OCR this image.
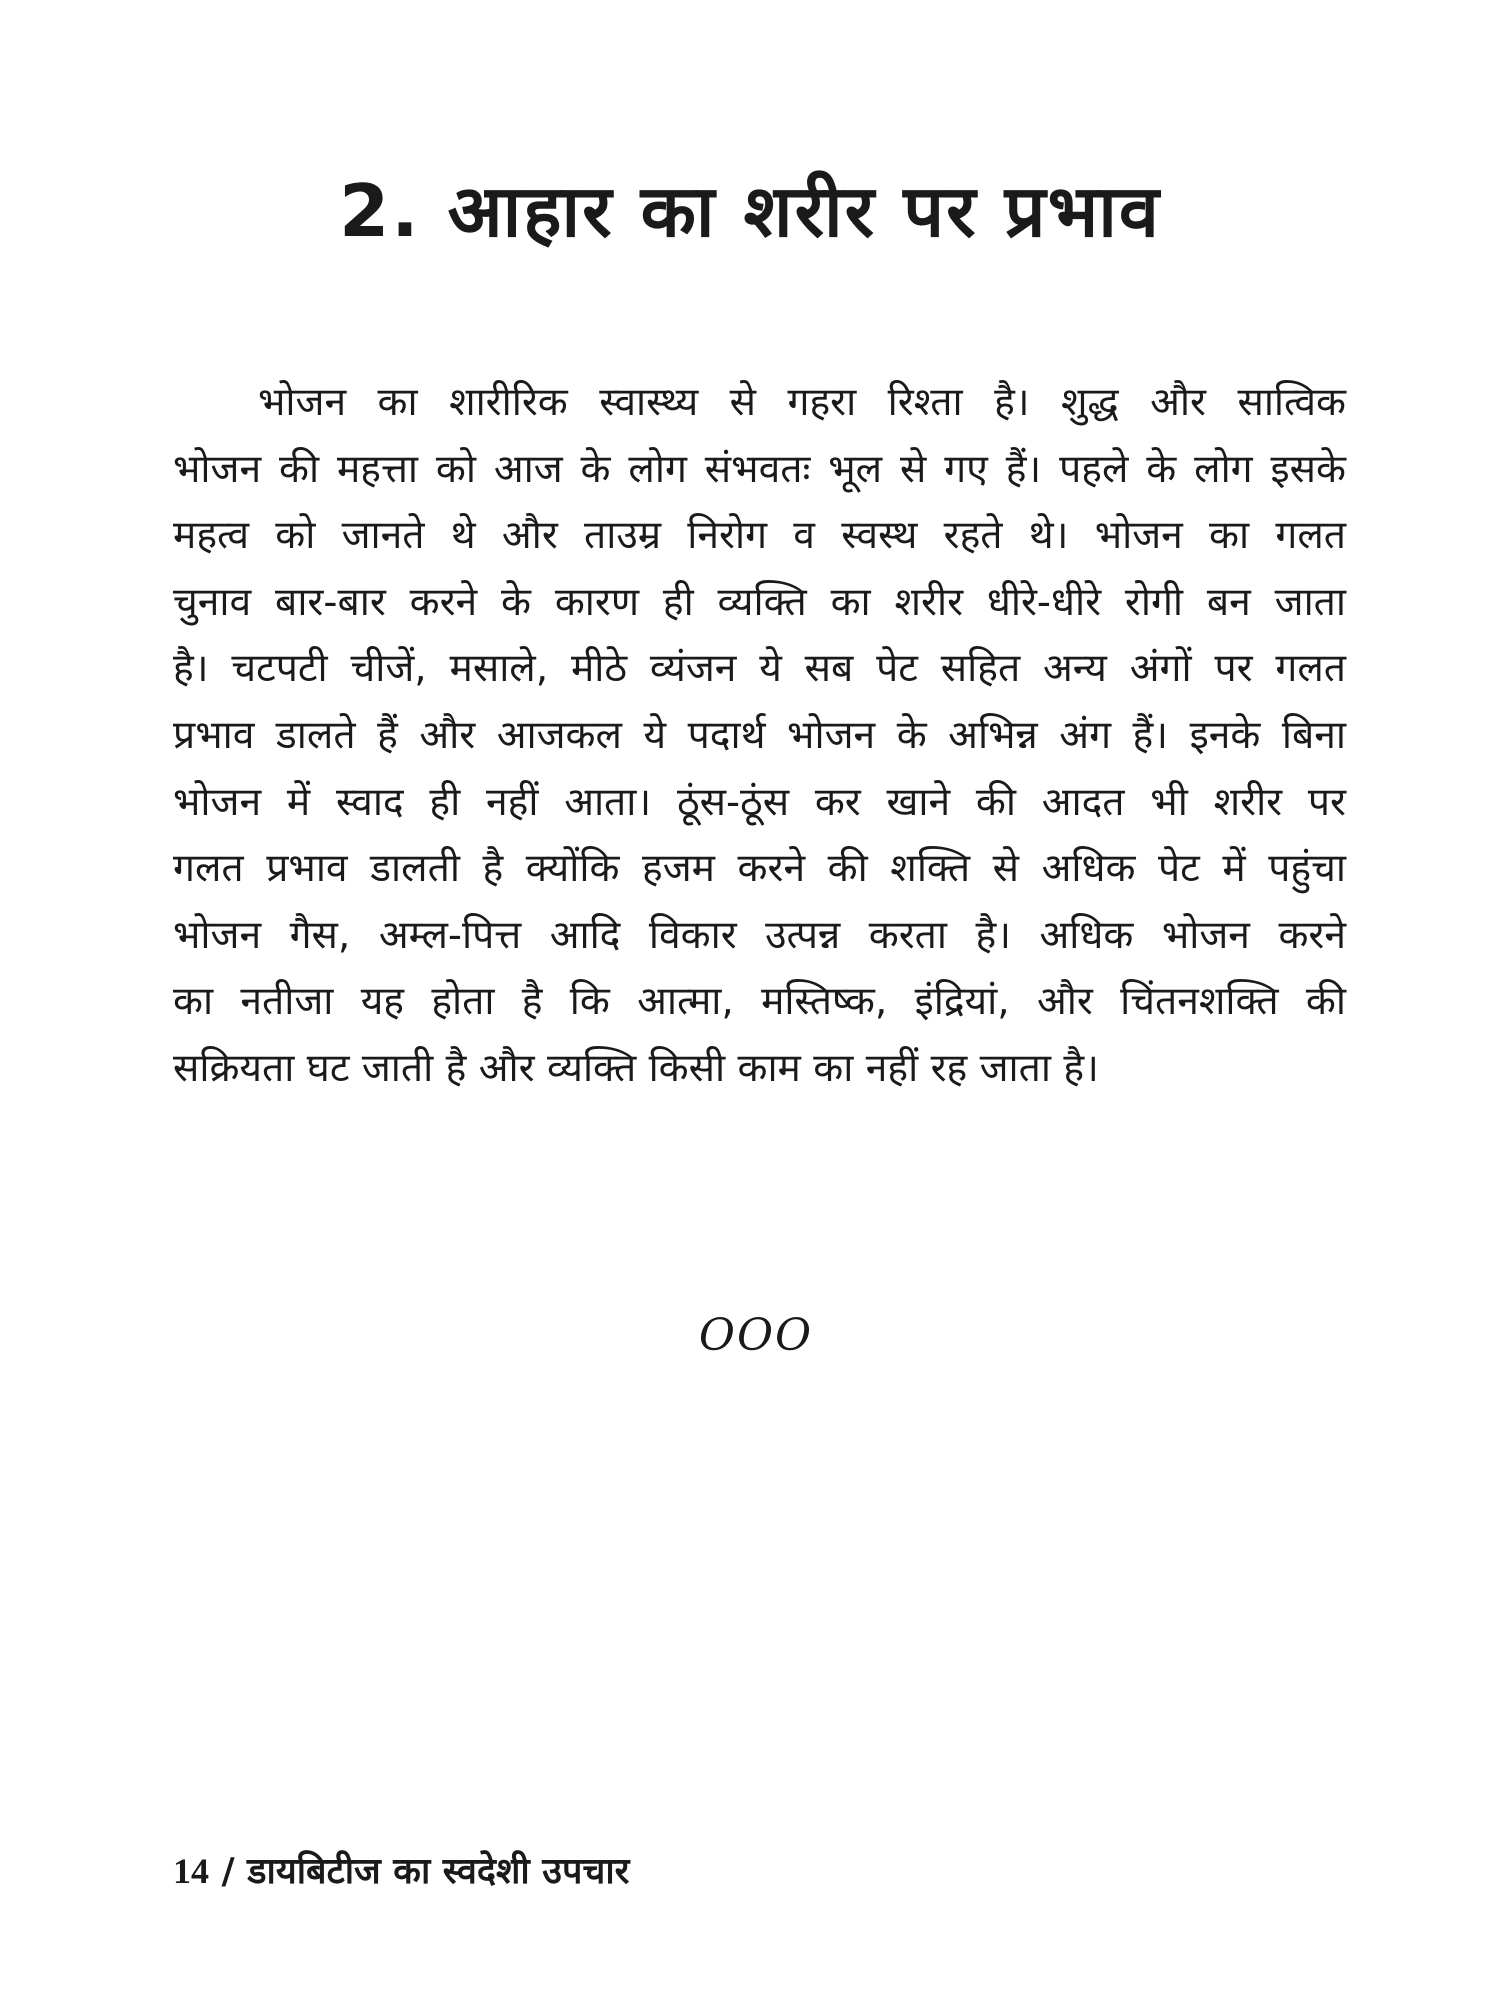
2. आहार का शरीर पर प्रभाव
भोजन का शारीरिक स्वास्थ्य से गहरा रिश्ता है। शुद्ध और सात्विक
भोजन की महत्ता को आज के लोग संभवतः भूल से गए हैं। पहले के लोग इसके
महत्व को जानते थे और ताउम्र निरोग व स्वस्थ रहते थे। भोजन का गलत
चुनाव बार-बार करने के कारण ही व्यक्ति का शरीर धीरे-धीरे रोगी बन जाता
है। चटपटी चीजें, मसाले, मीठे व्यंजन ये सब पेट सहित अन्य अंगों पर गलत
प्रभाव डालते हैं और आजकल ये पदार्थ भोजन के अभिन्न अंग हैं। इनके बिना
भोजन में स्वाद ही नहीं आता। ठूंस-ठूंस कर खाने की आदत भी शरीर पर
गलत प्रभाव डालती है क्योंकि हजम करने की शक्ति से अधिक पेट में पहुंचा
भोजन गैस, अम्ल-पित्त आदि विकार उत्पन्न करता है। अधिक भोजन करने
का नतीजा यह होता है कि आत्मा, मस्तिष्क, इंद्रियां, और चिंतनशक्ति की
सक्रियता घट जाती है और व्यक्ति किसी काम का नहीं रह जाता है।
OOO
14 / डायबिटीज का स्वदेशी उपचार
